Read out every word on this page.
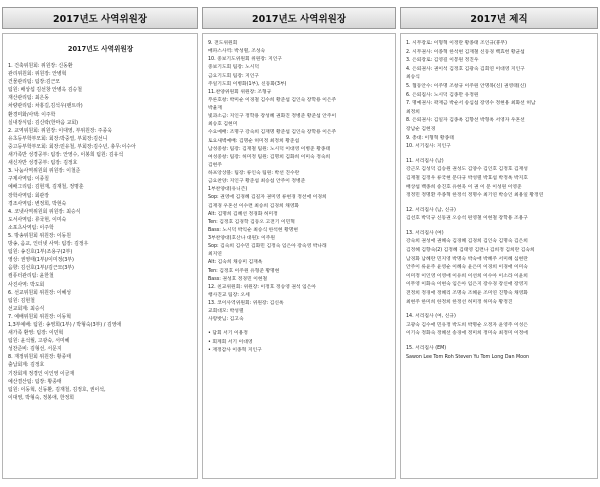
2017년도 사역위원장
2017년도 사역위원장
1. 건축위원회: 위원장: 신동환
관리위원회: 위원장: 안병혁
건물관리팀: 팀장:김근모
팀원: 배상섭 김선창 안병옥 김승철
재산관리팀: 최은동
차량관리팀: 차홍길,김석우(팬트라)
환경미화/사택: 이주학
실내장식팀: 김신락(한마음 교회)
2. 교역위원회: 위원장: 이대영, 부위원장: 주종욱
유초등부학부모회: 회장:박중열, 부회장:김선니
중고등부학부모회: 회장:민유철, 부회장:김수년, 총무:이수아
새가족반 성경공부: 팀장: 안영수, 이봉희 팀원: 김유석
새신자반 성경공부: 팀장: 김정호
3. 나눔사역위원회 위원장: 이철준
구제사역팀: 이종칠
예배그리팀: 김현재, 김재철, 정명훈
장학사역팀: 회관장
경조사역팀: 변정희, 박현숙
4. 코넷사역위원회 위원장: 최승식
도서사역팀: 류국현, 이미숙
소포츠사역팀: 이주학
5. 방송위원회 위원장: 이동원
방송, 음교, 인터넷 사역: 팀장: 김정우
팀원: 송진호(1부)조용구(2부)
영상: 권영태(1부)/이미정(3부)
음향: 김선호(1부)/김근모(3부)
컴퓨터관리팀: 윤한철
사진사역: 박도회
6. 선교위원회 위원장: 이혜성
팀원: 김현철
선교회계: 최승식
7. 예배위원회 위원장: 이동혁
1,3부예배: 팀원: 송영희(1부) / 박형숙(3부) / 김영애
새가족 환영: 팀장: 이민혁
팀원: 윤석월, 고광숙, 서미혜
성찬준비: 김형선, 서문지
8. 재정위원회 위원장: 황종태
출납회계: 김정호
기장회계 정경인 이인영 이금재
예산결산팀: 팀장: 황종태
팀원: 이동혁, 신동환, 김재철, 김정호, 권이석,
이대영, 박형숙, 정봉애, 한정희
2017년도 사역위원장
9. 전도위원회
매파스사역: 박성렬, 조성숙
10. 중보기도위원회 위원장: 지인구
중보기도회 팀장: 노시덕
금요기도회 팀장: 지인구
주일기도회 이병화(1부), 신동화(3부)
11.찬양위원회 위원장: 조형규
푸른호창: 박미순 이경철 김수희 황준섭 김인숙 장학용 이은주
박율재
빛과소금: 지인구 정학용 장성혜 권화진 정병준 황준섭 안주이
최승호 김현미
수요예배: 조명구 강숙희 김재명 황준섭 김인숙 장학용 이은주
토요새벽예배: 김명순 허미정 최정희 황준섭
남성중창: 팀장: 김재철 팀원: 노시덕 이대영 이병준 황종태
여성중창: 팀장: 허미정 팀원: 김명희 김화희 이미숙 정숙희
김현주
하프앙상블: 팀장: 류인숙 팀원: 박선 진수란
금요찬양: 지인구 황준섭 최승섭 안주이 정병준
1부찬양대(유니즌)
Sop: 권영애 김경혜 김길자 권미영 류현경 정선애 이경희
김재경 우혼선 이수련 최승희 김경희 채영화
Alt: 김명희 김혜선 정경화 허미정
Ten: 김정호 김경학 김동오 고전기 이민혁
Bass: 노시덕 박익순 최승식 한석현 황명현
3부찬양대(호산나 대원): 이주원
Sop: 김숙희 김수민 김화민 김정숙 임은아 장숙영 박나래
최지연
Alt: 김숙희 채승미 김재옥
Ten: 김정호 이주원 유형준 황명현
Bass: 권성호 정경민 이현철
12. 친교위원회: 위원장: 이정호 정승영 권석 임은아
행사진교 팀장: 오세
13. 코이사역위원회: 위원장: 김신옥
교회대모: 박성렬
사랑밧님: 김고숙
• 담회 서기 이용정
• 회계회 서기 이대영
• 재정감사 이종혁 지인구
2017년 제직
1. 시무장로: 이형혁 이정란 황종태 조인규(휴무)
2. 시무권사: 이종혁 한석현 김재철 신동경 백효헌 황균섭
3. 은퇴장로: 김영길 이봉원 정진우
4. 은퇴권사: 권이석 김정호 김광숙 김회연 이대영 지인구
최승식
5. 협동안수: 이주명 조창규 이주원 안명목(신) 권영태(신)
6. 은퇴집사: 노시덕 김종만 유정원
7. 명예권사: 곽재금 박순서 송심섭 장영수 정현용 최화선 허남
최정희
8. 은퇴권사: 김일자 김종옥 김향선 박형옥 서영자 우혼선
장남순 김현경
9. 총대: 이형혁 황종태
10. 서기집사: 지인구
11. 서리집사 (남)
강근모 김성덕 김승원 권성도 김양수 김인호 김정호 김재성
김재철 김정우 류국현 문다규 박성렬 박효섭 박정옥 박지호
배상섭 백종희 송진호 유현욱 이 권 이 문 이성원 이영준
정정민 정명환 주종혁 한정석 정명수 최기연 박승인 최용일 황정연
12. 서리집사 (남, 신규)
김선호 박덕규 신동권 오승석 편영철 이현철 장학용 조용구
13. 서리집사 (여)
강숙희 권성애 권혜숙 김경혜 김경희 김인숙 김명숙 김은희
김정혜 김향숙(2) 김정혜 김태영 김련나 김희정 김희란 김숙희
남경화 남혜란 민지영 박명숙 박숙애 박혜주 서미혜 심현란
안주이 류윤주 윤영순 이혜숙 윤은미 이경희 이경애 이미숙
이미정 이인영 이영애 이유희 이선희 이수아 이소라 이윤희
이무영 이화숙 이현숙 임은아 임은지 장수경 장신애 장영지
전정희 정경애 정혜리 조명숙 조혜윤 조미연 진향숙 채영화
최현주 한미희 한정희 한정선 허미정 허미숙 황정진
14. 서리집사 (여, 신규)
고광숙 김수애 민유정 박도희 박명순 오정자 윤영주 이성은
이기숙 정화숙 정혜선 송경애 정미희 정미숙 최정미 이정애
15. 서리집사 (EM)
Sawon Lee Tom Roh Steven Yu Tom Long Dan Moon
